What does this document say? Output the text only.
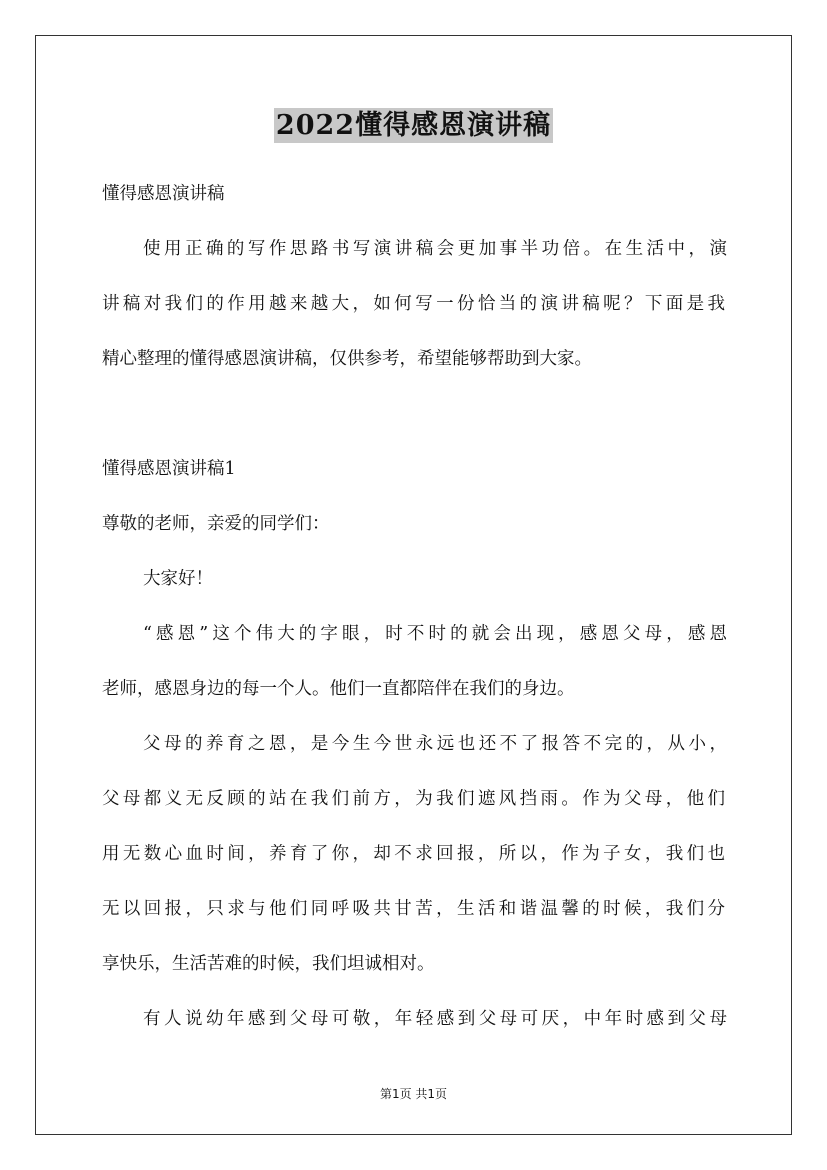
2022懂得感恩演讲稿
懂得感恩演讲稿
使用正确的写作思路书写演讲稿会更加事半功倍。在生活中，演
讲稿对我们的作用越来越大，如何写一份恰当的演讲稿呢？下面是我
精心整理的懂得感恩演讲稿，仅供参考，希望能够帮助到大家。
懂得感恩演讲稿1
尊敬的老师，亲爱的同学们：
大家好！
“感恩”这个伟大的字眼，时不时的就会出现，感恩父母，感恩
老师，感恩身边的每一个人。他们一直都陪伴在我们的身边。
父母的养育之恩，是今生今世永远也还不了报答不完的，从小，
父母都义无反顾的站在我们前方，为我们遮风挡雨。作为父母，他们
用无数心血时间，养育了你，却不求回报，所以，作为子女，我们也
无以回报，只求与他们同呼吸共甘苦，生活和谐温馨的时候，我们分
享快乐，生活苦难的时候，我们坦诚相对。
有人说幼年感到父母可敬，年轻感到父母可厌，中年时感到父母
第1页 共1页
